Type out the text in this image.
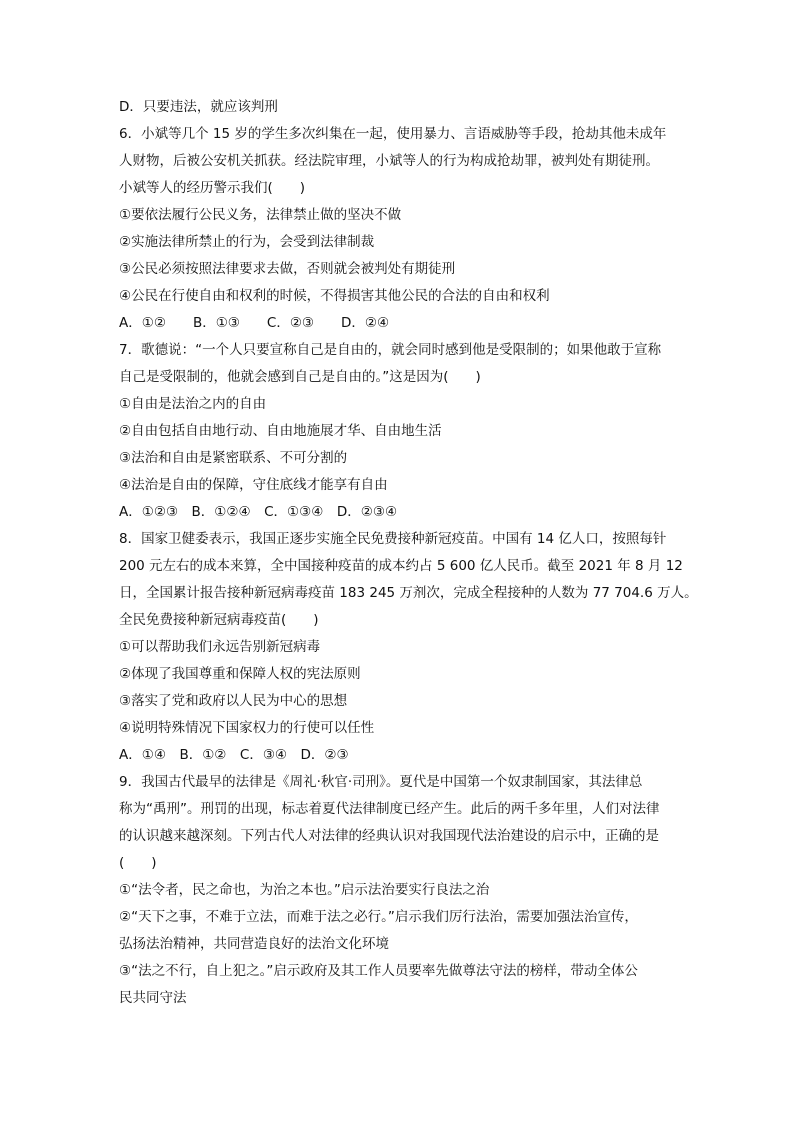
D．只要违法，就应该判刑
6．小斌等几个 15 岁的学生多次纠集在一起，使用暴力、言语威胁等手段，抢劫其他未成年
人财物，后被公安机关抓获。经法院审理，小斌等人的行为构成抢劫罪，被判处有期徒刑。
小斌等人的经历警示我们(　　)
①要依法履行公民义务，法律禁止做的坚决不做
②实施法律所禁止的行为，会受到法律制裁
③公民必须按照法律要求去做，否则就会被判处有期徒刑
④公民在行使自由和权利的时候，不得损害其他公民的合法的自由和权利
A．①②　　B．①③　　C．②③　　D．②④
7．歌德说：“一个人只要宣称自己是自由的，就会同时感到他是受限制的；如果他敢于宣称
自己是受限制的，他就会感到自己是自由的。”这是因为(　　)
①自由是法治之内的自由
②自由包括自由地行动、自由地施展才华、自由地生活
③法治和自由是紧密联系、不可分割的
④法治是自由的保障，守住底线才能享有自由
A．①②③　B．①②④　C．①③④　D．②③④
8．国家卫健委表示，我国正逐步实施全民免费接种新冠疫苗。中国有 14 亿人口，按照每针
200 元左右的成本来算，全中国接种疫苗的成本约占 5 600 亿人民币。截至 2021 年 8 月 12
日，全国累计报告接种新冠病毒疫苗 183 245 万剂次，完成全程接种的人数为 77 704.6 万人。
全民免费接种新冠病毒疫苗(　　)
①可以帮助我们永远告别新冠病毒
②体现了我国尊重和保障人权的宪法原则
③落实了党和政府以人民为中心的思想
④说明特殊情况下国家权力的行使可以任性
A．①④　B．①②　C．③④　D．②③
9．我国古代最早的法律是《周礼·秋官·司刑》。夏代是中国第一个奴隶制国家，其法律总
称为“禹刑”。刑罚的出现，标志着夏代法律制度已经产生。此后的两千多年里，人们对法律
的认识越来越深刻。下列古代人对法律的经典认识对我国现代法治建设的启示中，正确的是
(　　)
①“法令者，民之命也，为治之本也。”启示法治要实行良法之治
②“天下之事，不难于立法，而难于法之必行。”启示我们厉行法治，需要加强法治宣传，
弘扬法治精神，共同营造良好的法治文化环境
③“法之不行，自上犯之。”启示政府及其工作人员要率先做尊法守法的榜样，带动全体公
民共同守法
